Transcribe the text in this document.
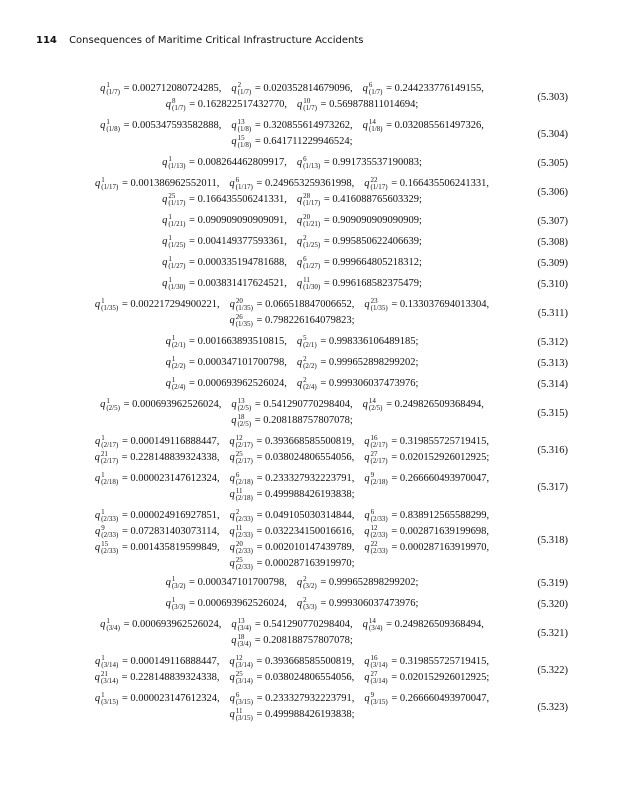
114 Consequences of Maritime Critical Infrastructure Accidents
q 1
(1/7) = 0.002712080724285, q 2
(1/7) = 0.020352814679096, q 6
(1/7) = 0.244233776149155,
q 8
(1/7) = 0.162822517432770, q 10
(1/7) = 0.569878811014694;
(5.303)
q 1
(1/8) = 0.005347593582888, q 13
(1/8) = 0.320855614973262, q 14
(1/8) = 0.032085561497326,
q 15
(1/8) = 0.641711229946524;
(5.304)
q 1
(1/13) = 0.008264462809917, q 6
(1/13) = 0.991735537190083;	(5.305)
q 1
(1/17) = 0.001386962552011, q 6
(1/17) = 0.249653259361998, q 22
(1/17) = 0.166435506241331,
q 25
(1/17) = 0.166435506241331, q 28
(1/17) = 0.416088765603329;
(5.306)
q 1
(1/21) = 0.090909090909091, q 20
(1/21) = 0.909090909090909;	(5.307)
q 1
(1/25) = 0.004149377593361, q 2
(1/25) = 0.995850622406639;	(5.308)
q 1
(1/27) = 0.000335194781688, q 6
(1/27) = 0.999664805218312;	(5.309)
q 1
(1/30) = 0.003831417624521, q 11
(1/30) = 0.996168582375479;	(5.310)
q 1
(1/35) = 0.002217294900221, q 20
(1/35) = 0.066518847006652, q 23
(1/35) = 0.133037694013304,
q 26
(1/35) = 0.798226164079823;
(5.311)
q 1
(2/1) = 0.001663893510815, q 5
(2/1) = 0.998336106489185;	(5.312)
q 1
(2/2) = 0.000347101700798, q 2
(2/2) = 0.999652898299202;	(5.313)
q 1
(2/4) = 0.000693962526024, q 2
(2/4) = 0.999306037473976;	(5.314)
q 1
(2/5) = 0.000693962526024, q 13
(2/5) = 0.541290770298404, q 14
(2/5) = 0.249826509368494,
q 18
(2/5) = 0.208188757807078;
(5.315)
q 1
(2/17) = 0.000149116888447, q 12
(2/17) = 0.393668585500819, q 16
(2/17) = 0.319855725719415,
q 21
(2/17) = 0.228148839324338, q 25
(2/17) = 0.038024806554056, q 27
(2/17) = 0.020152926012925;
(5.316)
q 1
(2/18) = 0.000023147612324, q 6
(2/18) = 0.233327932223791, q 9
(2/18) = 0.266660493970047,
q 11
(2/18) = 0.499988426193838;
(5.317)
q 1
(2/33) = 0.000024916927851, q 2
(2/33) = 0.049105030314844, q 6
(2/33) = 0.838912565588299,
q 9
(2/33) = 0.072831403073114, q 11
(2/33) = 0.032234150016616, q 12
(2/33) = 0.002871639199698,
q 15
(2/33) = 0.001435819599849, q 20
(2/33) = 0.002010147439789, q 22
(2/33) = 0.000287163919970,
q 25
(2/33) = 0.000287163919970;
(5.318)
q 1
(3/2) = 0.000347101700798, q 2
(3/2) = 0.999652898299202;	(5.319)
q 1
(3/3) = 0.000693962526024, q 2
(3/3) = 0.999306037473976;	(5.320)
q 1
(3/4) = 0.000693962526024, q 13
(3/4) = 0.541290770298404, q 14
(3/4) = 0.249826509368494,
q 18
(3/4) = 0.208188757807078;
(5.321)
q 1
(3/14) = 0.000149116888447, q 12
(3/14) = 0.393668585500819, q 16
(3/14) = 0.319855725719415,
q 21
(3/14) = 0.228148839324338, q 25
(3/14) = 0.038024806554056, q 27
(3/14) = 0.020152926012925;
(5.322)
q 1
(3/15) = 0.000023147612324, q 6
(3/15) = 0.233327932223791, q 9
(3/15) = 0.266660493970047,
q 11
(3/15) = 0.499988426193838;
(5.323)
